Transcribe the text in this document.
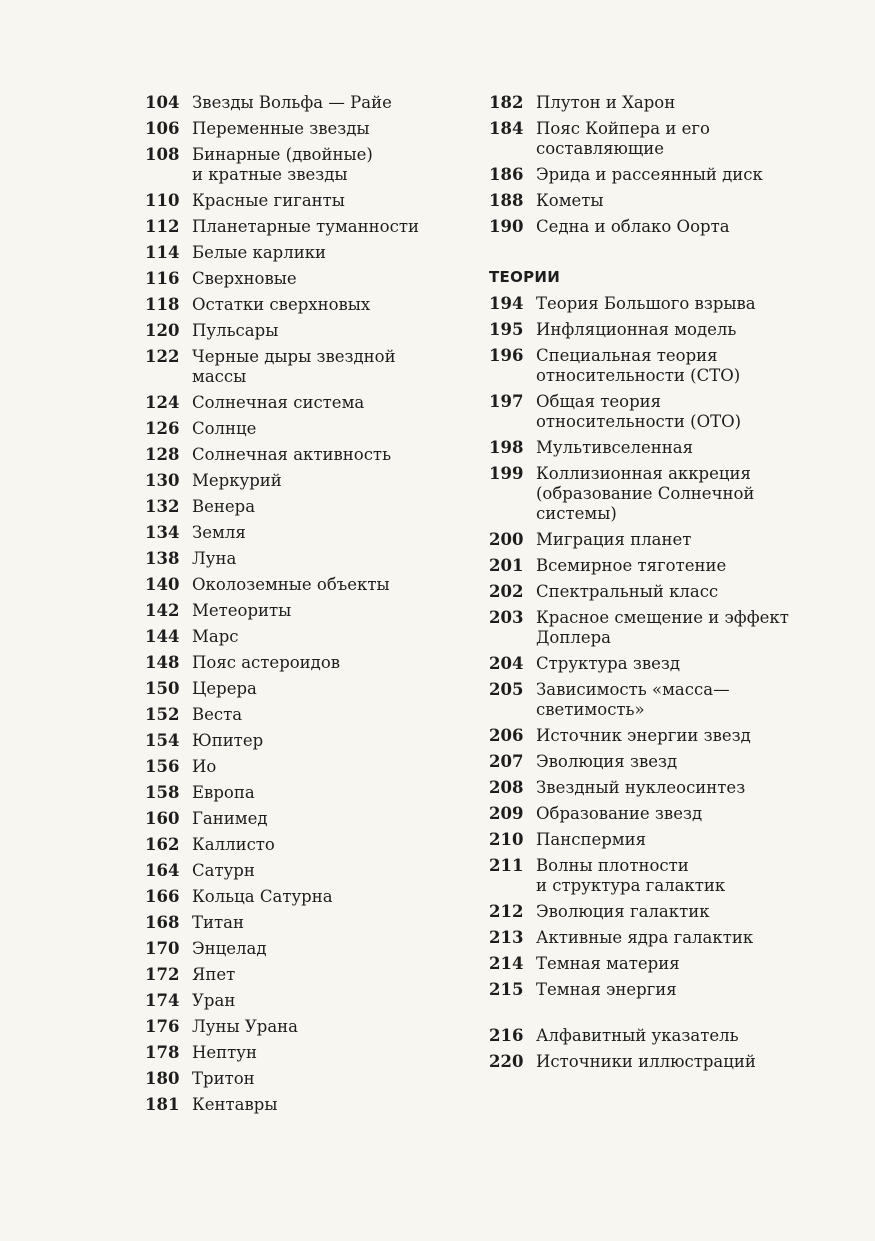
104 Звезды Вольфа — Райе
106 Переменные звезды
108 Бинарные (двойные)
и кратные звезды
110 Красные гиганты
112 Планетарные туманности
114 Белые карлики
116 Сверхновые
118 Остатки сверхновых
120 Пульсары
122 Черные дыры звездной
массы
124 Солнечная система
126 Солнце
128 Солнечная активность
130 Меркурий
132 Венера
134 Земля
138 Луна
140 Околоземные объекты
142 Метеориты
144 Марс
148 Пояс астероидов
150 Церера
152 Веста
154 Юпитер
156 Ио
158 Европа
160 Ганимед
162 Каллисто
164 Сатурн
166 Кольца Сатурна
168 Титан
170 Энцелад
172 Япет
174 Уран
176 Луны Урана
178 Нептун
180 Тритон
181 Кентавры
182 Плутон и Харон
184 Пояс Койпера и его
составляющие
186 Эрида и рассеянный диск
188 Кометы
190 Седна и облако Оорта
ТЕОРИИ
194 Теория Большого взрыва
195 Инфляционная модель
196 Специальная теория
относительности (СТО)
197 Общая теория
относительности (ОТО)
198 Мультивселенная
199 Коллизионная аккреция
(образование Солнечной
системы)
200 Миграция планет
201 Всемирное тяготение
202 Спектральный класс
203 Красное смещение и эффект
Доплера
204 Структура звезд
205 Зависимость «масса—
светимость»
206 Источник энергии звезд
207 Эволюция звезд
208 Звездный нуклеосинтез
209 Образование звезд
210 Панспермия
211 Волны плотности
и структура галактик
212 Эволюция галактик
213 Активные ядра галактик
214 Темная материя
215 Темная энергия
216 Алфавитный указатель
220 Источники иллюстраций
